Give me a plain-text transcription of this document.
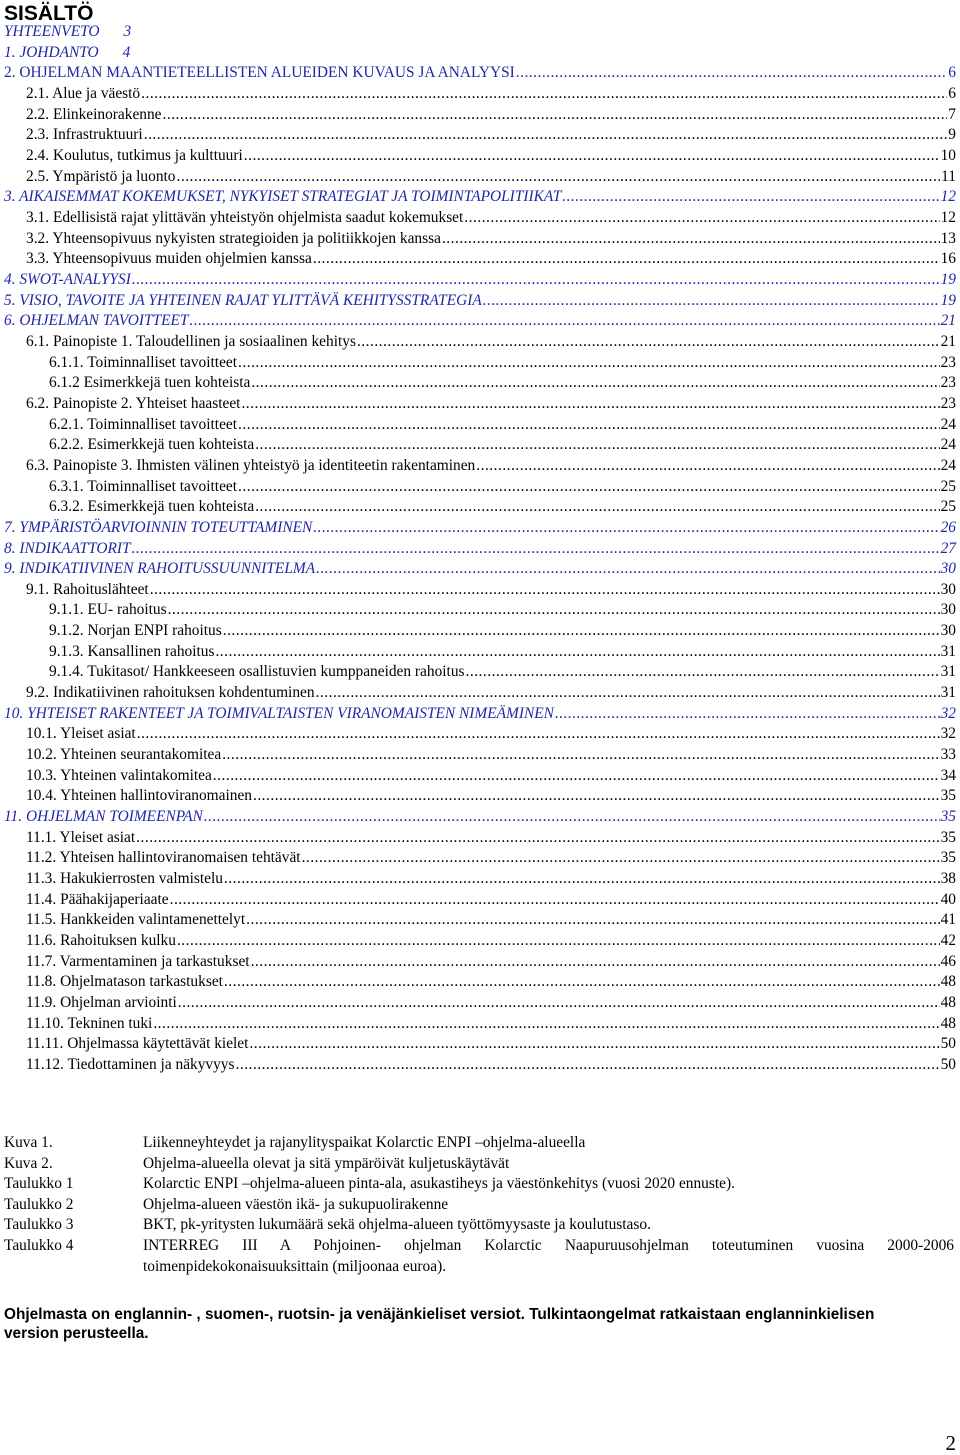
SISÄLTÖ
YHTEENVETO 3
1. JOHDANTO 4
2. OHJELMAN MAANTIETEELLISTEN ALUEIDEN KUVAUS JA ANALYYSI .....	6
2.1. Alue ja väestö .....	6
2.2. Elinkeinorakenne .....	7
2.3. Infrastruktuuri .....	9
2.4. Koulutus, tutkimus ja kulttuuri .....	10
2.5. Ympäristö ja luonto .....	11
3. AIKAISEMMAT KOKEMUKSET, NYKYISET STRATEGIAT JA TOIMINTAPOLITIIKAT .....	12
3.1. Edellisistä rajat ylittävän yhteistyön ohjelmista saadut kokemukset .....	12
3.2. Yhteensopivuus nykyisten strategioiden ja politiikkojen kanssa .....	13
3.3. Yhteensopivuus muiden ohjelmien kanssa .....	16
4. SWOT-ANALYYSI .....	19
5. VISIO, TAVOITE JA YHTEINEN RAJAT YLITTÄVÄ KEHITYSSTRATEGIA .....	19
6. OHJELMAN TAVOITTEET .....	21
6.1. Painopiste 1. Taloudellinen ja sosiaalinen kehitys .....	21
6.1.1. Toiminnalliset tavoitteet .....	23
6.1.2 Esimerkkejä tuen kohteista .....	23
6.2. Painopiste 2. Yhteiset haasteet .....	23
6.2.1. Toiminnalliset tavoitteet .....	24
6.2.2. Esimerkkejä tuen kohteista .....	24
6.3. Painopiste 3. Ihmisten välinen yhteistyö ja identiteetin rakentaminen .....	24
6.3.1. Toiminnalliset tavoitteet .....	25
6.3.2. Esimerkkejä tuen kohteista .....	25
7. YMPÄRISTÖARVIOINNIN TOTEUTTAMINEN .....	26
8. INDIKAATTORIT .....	27
9. INDIKATIIVINEN RAHOITUSSUUNNITELMA .....	30
9.1. Rahoituslähteet .....	30
9.1.1. EU- rahoitus .....	30
9.1.2. Norjan ENPI rahoitus .....	30
9.1.3. Kansallinen rahoitus .....	31
9.1.4. Tukitasot/ Hankkeeseen osallistuvien kumppaneiden rahoitus .....	31
9.2. Indikatiivinen rahoituksen kohdentuminen .....	31
10. YHTEISET RAKENTEET JA TOIMIVALTAISTEN VIRANOMAISTEN NIMEÄMINEN .....	32
10.1. Yleiset asiat .....	32
10.2. Yhteinen seurantakomitea .....	33
10.3. Yhteinen valintakomitea .....	34
10.4. Yhteinen hallintoviranomainen .....	35
11. OHJELMAN TOIMEENPAN .....	35
11.1. Yleiset asiat .....	35
11.2. Yhteisen hallintoviranomaisen tehtävät .....	35
11.3. Hakukierrosten valmistelu .....	38
11.4. Päähakijaperiaate .....	40
11.5. Hankkeiden valintamenettelyt .....	41
11.6. Rahoituksen kulku .....	42
11.7. Varmentaminen ja tarkastukset .....	46
11.8. Ohjelmatason tarkastukset .....	48
11.9. Ohjelman arviointi .....	48
11.10. Tekninen tuki .....	48
11.11. Ohjelmassa käytettävät kielet .....	50
11.12. Tiedottaminen ja näkyvyys .....	50
Kuva 1.	Liikenneyhteydet ja rajanylityspaikat Kolarctic ENPI –ohjelma-alueella
Kuva 2.	Ohjelma-alueella olevat ja sitä ympäröivät kuljetuskäytävät
Taulukko 1	Kolarctic ENPI –ohjelma-alueen pinta-ala, asukastiheys ja väestönkehitys (vuosi 2020 ennuste).
Taulukko 2	Ohjelma-alueen väestön ikä- ja sukupuolirakenne
Taulukko 3	BKT, pk-yritysten lukumäärä sekä ohjelma-alueen työttömyysaste ja koulutustaso.
Taulukko 4	INTERREG III A Pohjoinen- ohjelman Kolarctic Naapuruusohjelman toteutuminen vuosina 2000-2006
toimenpidekokonaisuuksittain (miljoonaa euroa).
Ohjelmasta on englannin- , suomen-, ruotsin- ja venäjänkieliset versiot. Tulkintaongelmat ratkaistaan englanninkielisen version perusteella.
2
